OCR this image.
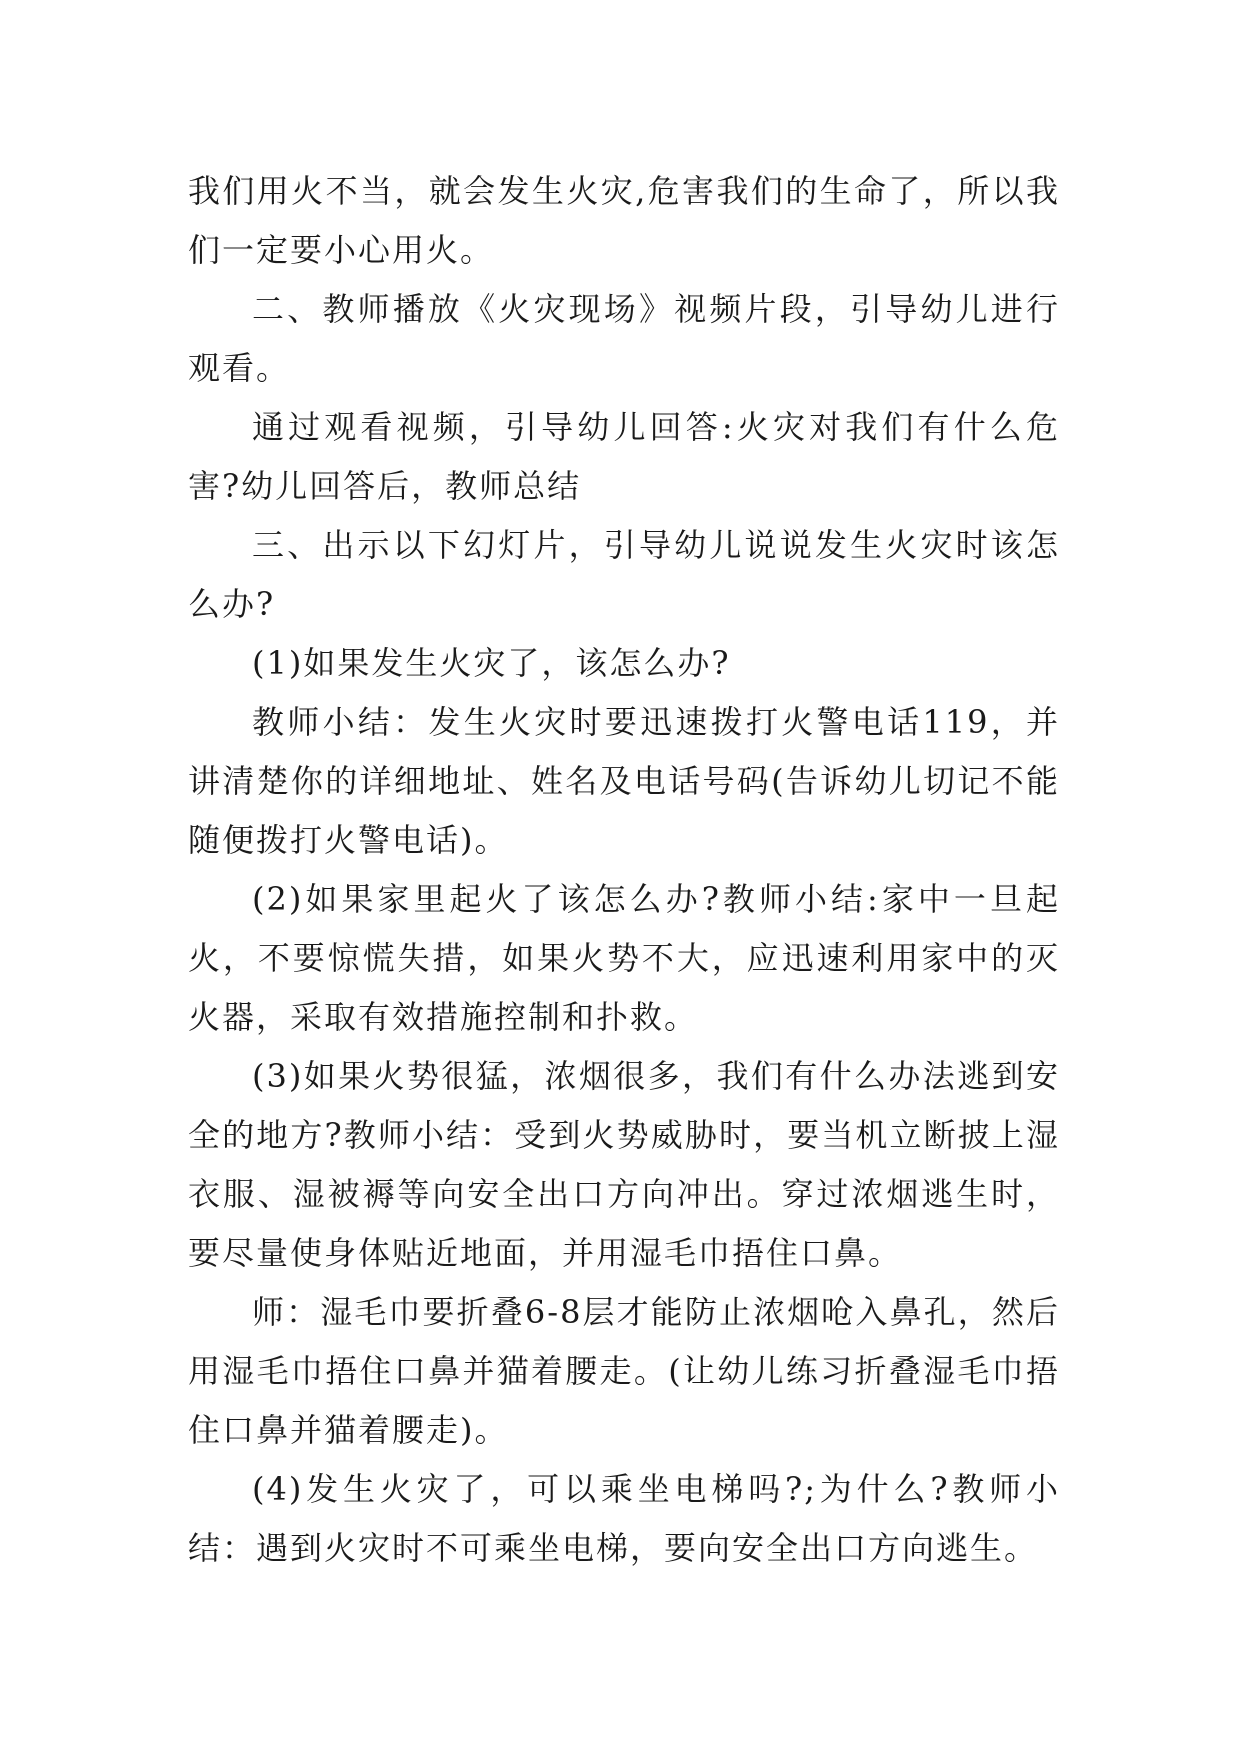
我们用火不当，就会发生火灾,危害我们的生命了，所以我们一定要小心用火。

二、教师播放《火灾现场》视频片段，引导幼儿进行观看。

通过观看视频，引导幼儿回答:火灾对我们有什么危害?幼儿回答后，教师总结

三、出示以下幻灯片，引导幼儿说说发生火灾时该怎么办?

(1)如果发生火灾了，该怎么办?

教师小结：发生火灾时要迅速拨打火警电话119，并讲清楚你的详细地址、姓名及电话号码(告诉幼儿切记不能随便拨打火警电话)。

(2)如果家里起火了该怎么办?教师小结:家中一旦起火，不要惊慌失措，如果火势不大，应迅速利用家中的灭火器，采取有效措施控制和扑救。

(3)如果火势很猛，浓烟很多，我们有什么办法逃到安全的地方?教师小结：受到火势威胁时，要当机立断披上湿衣服、湿被褥等向安全出口方向冲出。穿过浓烟逃生时，要尽量使身体贴近地面，并用湿毛巾捂住口鼻。

师：湿毛巾要折叠6-8层才能防止浓烟呛入鼻孔，然后用湿毛巾捂住口鼻并猫着腰走。(让幼儿练习折叠湿毛巾捂住口鼻并猫着腰走)。

(4)发生火灾了，可以乘坐电梯吗?;为什么?教师小结：遇到火灾时不可乘坐电梯，要向安全出口方向逃生。
